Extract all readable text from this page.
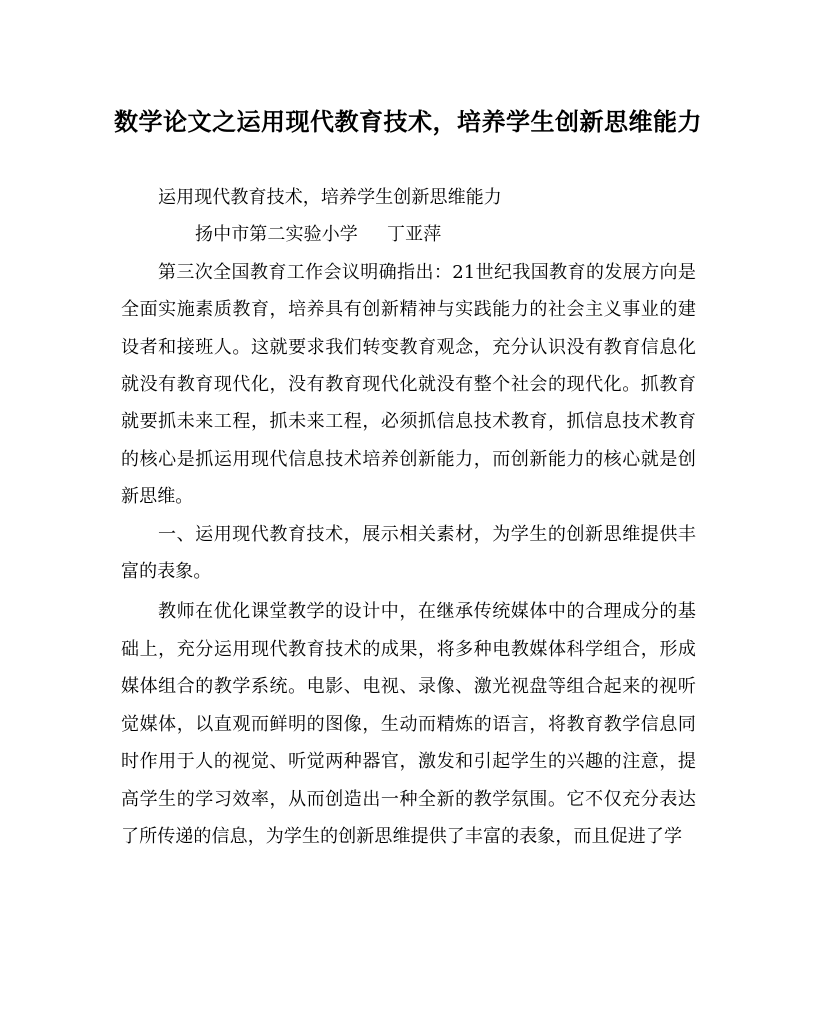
数学论文之运用现代教育技术，培养学生创新思维能力

运用现代教育技术，培养学生创新思维能力

扬中市第二实验小学 丁亚萍

第三次全国教育工作会议明确指出：21世纪我国教育的发展方向是全面实施素质教育，培养具有创新精神与实践能力的社会主义事业的建设者和接班人。这就要求我们转变教育观念，充分认识没有教育信息化就没有教育现代化，没有教育现代化就没有整个社会的现代化。抓教育就要抓未来工程，抓未来工程，必须抓信息技术教育，抓信息技术教育的核心是抓运用现代信息技术培养创新能力，而创新能力的核心就是创新思维。

一、运用现代教育技术，展示相关素材，为学生的创新思维提供丰富的表象。

教师在优化课堂教学的设计中，在继承传统媒体中的合理成分的基础上，充分运用现代教育技术的成果，将多种电教媒体科学组合，形成媒体组合的教学系统。电影、电视、录像、激光视盘等组合起来的视听觉媒体，以直观而鲜明的图像，生动而精炼的语言，将教育教学信息同时作用于人的视觉、听觉两种器官，激发和引起学生的兴趣的注意，提高学生的学习效率，从而创造出一种全新的教学氛围。它不仅充分表达了所传递的信息，为学生的创新思维提供了丰富的表象，而且促进了学
